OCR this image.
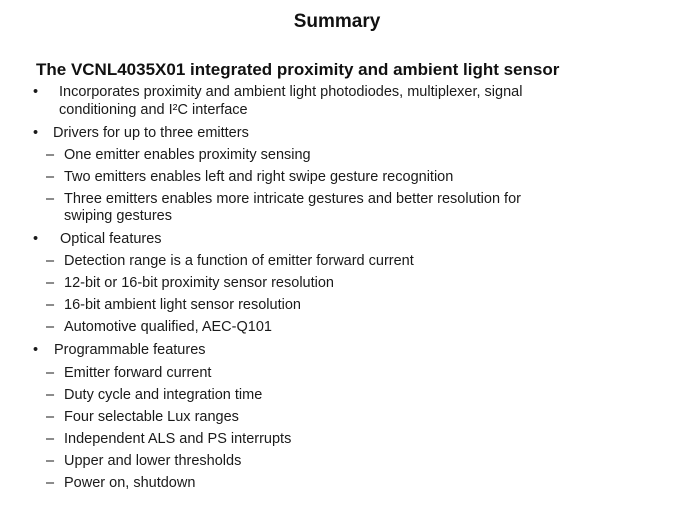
Summary
The VCNL4035X01 integrated proximity and ambient light sensor
• Incorporates proximity and ambient light photodiodes, multiplexer, signal
conditioning and I²C interface
• Drivers for up to three emitters
– One emitter enables proximity sensing
– Two emitters enables left and right swipe gesture recognition
– Three emitters enables more intricate gestures and better resolution for
swiping gestures
• Optical features
– Detection range is a function of emitter forward current
– 12-bit or 16-bit proximity sensor resolution
– 16-bit ambient light sensor resolution
– Automotive qualified, AEC-Q101
• Programmable features
– Emitter forward current
– Duty cycle and integration time
– Four selectable Lux ranges
– Independent ALS and PS interrupts
– Upper and lower thresholds
– Power on, shutdown
